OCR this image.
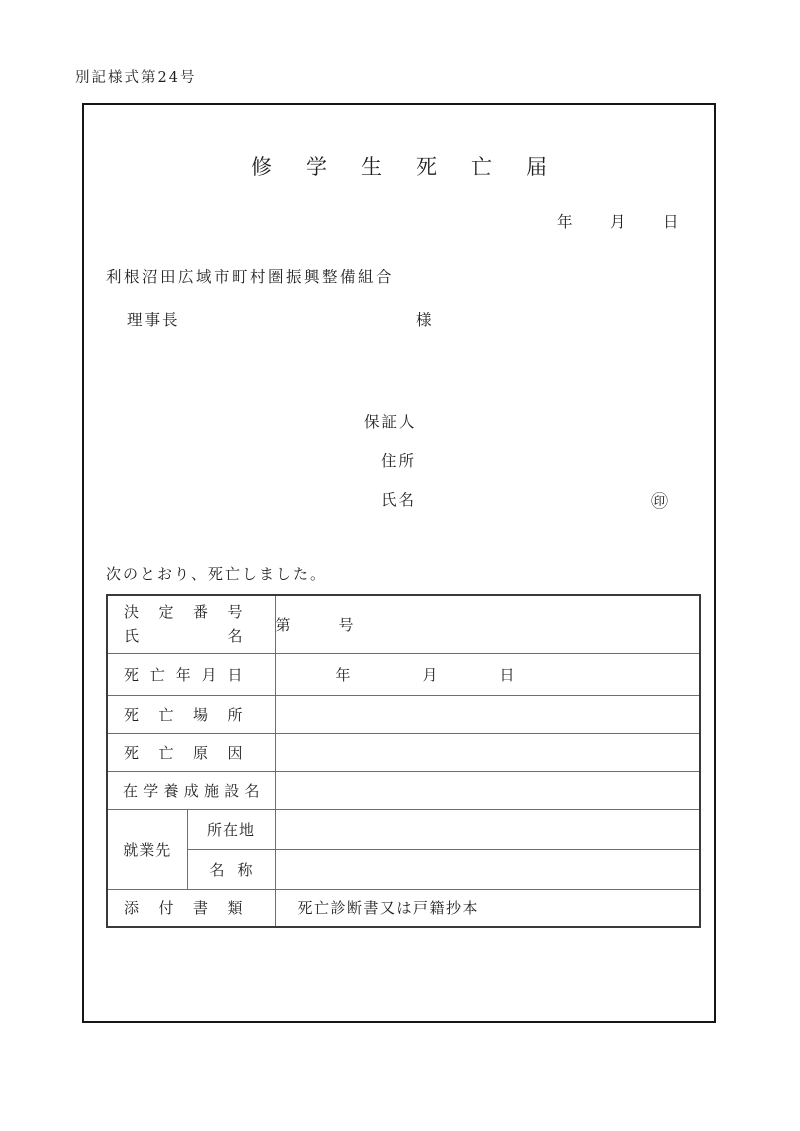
別記様式第24号
修学生死亡届
年 月 日
利根沼田広域市町村圏振興整備組合
理事長	様
保証人
住所
氏名	㊞
次のとおり、死亡しました。
決定番号
氏名		第 号

死亡年月日		年 月 日

死亡場所		

死亡原因		

在学養成施設名		

就業先	所在地	

	名称	

添付書類		死亡診断書又は戸籍抄本
